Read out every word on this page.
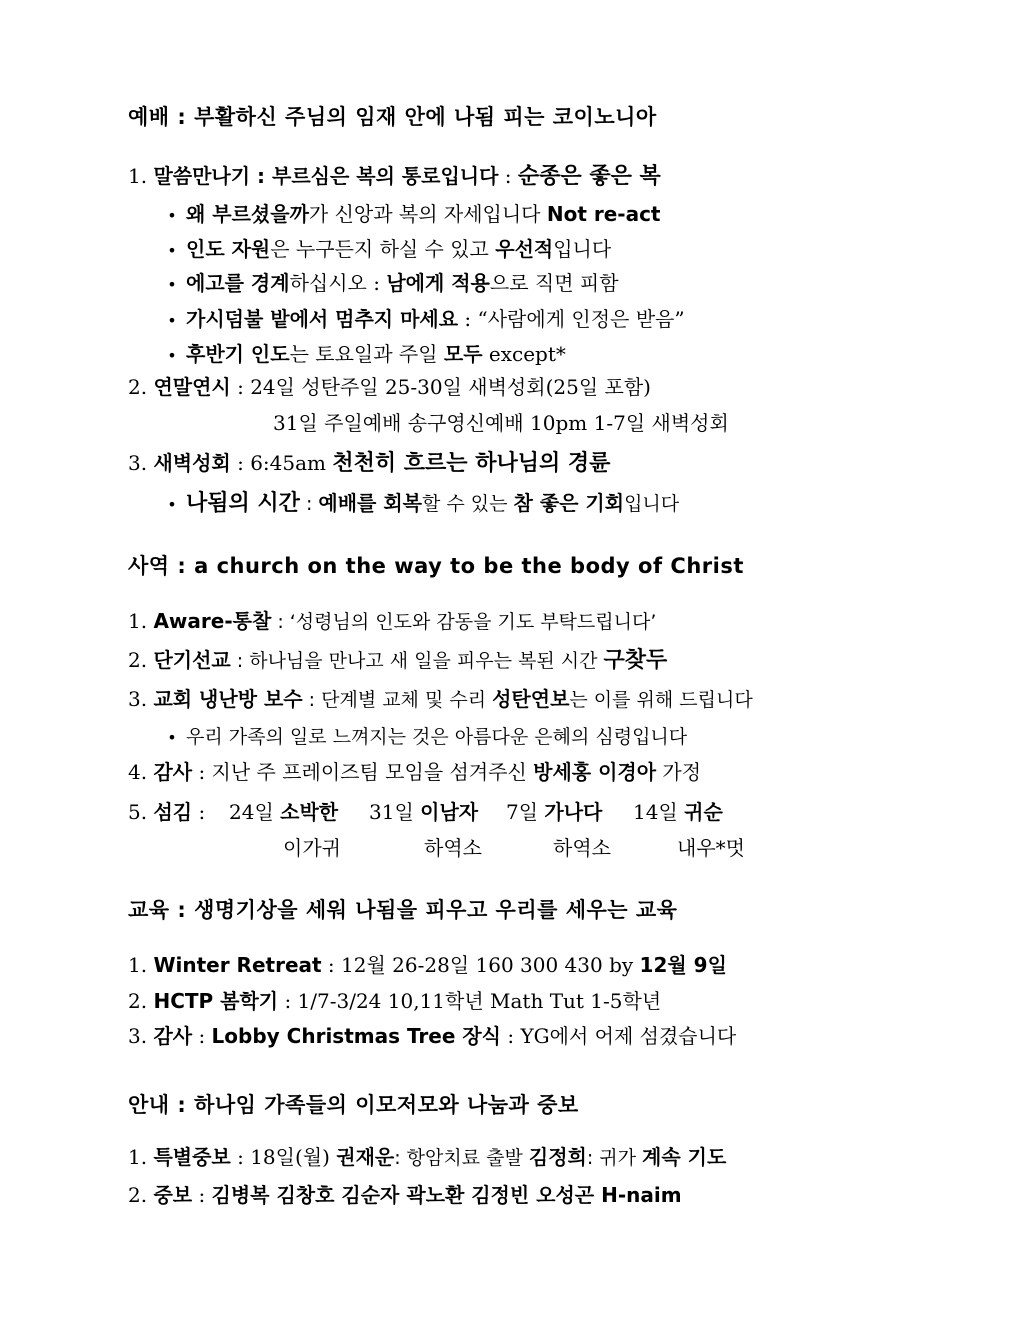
예배 : 부활하신 주님의 임재 안에 나됨 피는 코이노니아
1. 말씀만나기 : 부르심은 복의 통로입니다 : 순종은 좋은 복
• 왜 부르셨을까가 신앙과 복의 자세입니다 Not re-act
• 인도 자원은 누구든지 하실 수 있고 우선적입니다
• 에고를 경계하십시오 : 남에게 적용으로 직면 피함
• 가시덤불 밭에서 멈추지 마세요 : “사람에게 인정은 받음”
• 후반기 인도는 토요일과 주일 모두 except*
2. 연말연시 : 24일 성탄주일 25-30일 새벽성회(25일 포함)
31일 주일예배 송구영신예배 10pm 1-7일 새벽성회
3. 새벽성회 : 6:45am 천천히 흐르는 하나님의 경륜
• 나됨의 시간 : 예배를 회복할 수 있는 참 좋은 기회입니다
사역 : a church on the way to be the body of Christ
1. Aware-통찰 : ‘성령님의 인도와 감동을 기도 부탁드립니다’
2. 단기선교 : 하나님을 만나고 새 일을 피우는 복된 시간 구찾두
3. 교회 냉난방 보수 : 단계별 교체 및 수리 성탄연보는 이를 위해 드립니다
• 우리 가족의 일로 느껴지는 것은 아름다운 은혜의 심령입니다
4. 감사 : 지난 주 프레이즈팀 모임을 섬겨주신 방세홍 이경아 가정
5. 섬김 : 24일 소박한 31일 이남자 7일 가나다 14일 귀순
이가귀	하역소	하역소	내우*멋
교육 : 생명기상을 세워 나됨을 피우고 우리를 세우는 교육
1. Winter Retreat : 12월 26-28일 160 300 430 by 12월 9일
2. HCTP 봄학기 : 1/7-3/24 10,11학년 Math Tut 1-5학년
3. 감사 : Lobby Christmas Tree 장식 : YG에서 어제 섬겼습니다
안내 : 하나임 가족들의 이모저모와 나눔과 중보
1. 특별중보 : 18일(월) 권재운: 항암치료 출발 김정희: 귀가 계속 기도
2. 중보 : 김병복 김창호 김순자 곽노환 김정빈 오성곤 H-naim
